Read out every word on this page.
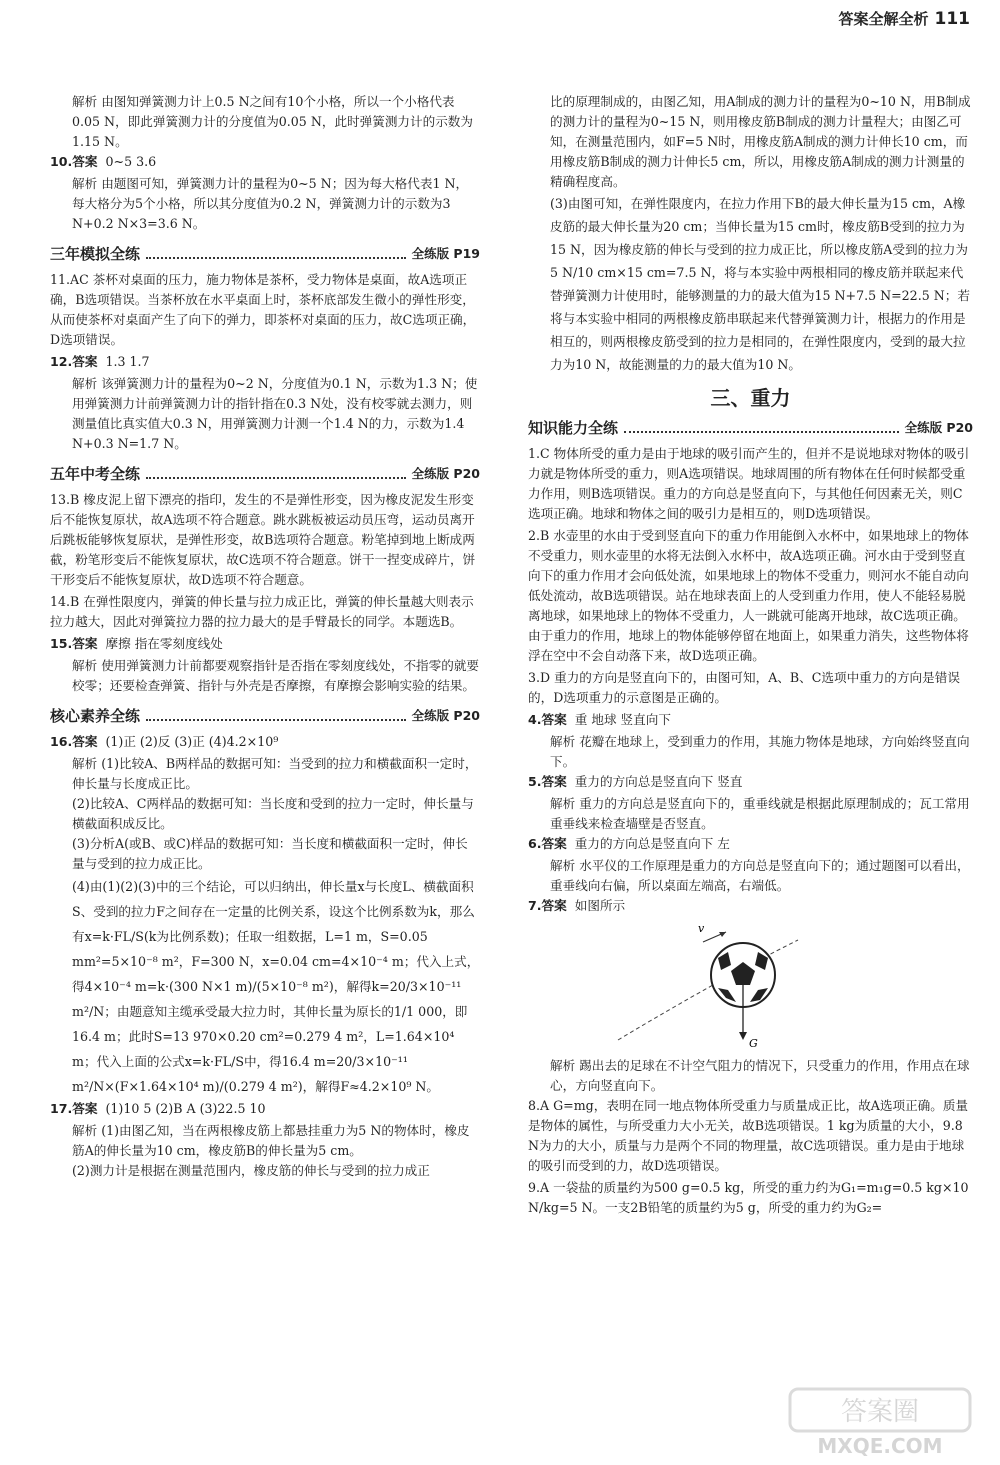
答案全解全析 111

解析 由图知弹簧测力计上0.5 N之间有10个小格，所以一个小格代表0.05 N，即此弹簧测力计的分度值为0.05 N，此时弹簧测力计的示数为1.15 N。

10.答案 0~5 3.6

解析 由题图可知，弹簧测力计的量程为0~5 N；因为每大格代表1 N，每大格分为5个小格，所以其分度值为0.2 N，弹簧测力计的示数为3 N+0.2 N×3=3.6 N。

三年模拟全练	全练版 P19

11.AC 茶杯对桌面的压力，施力物体是茶杯，受力物体是桌面，故A选项正确，B选项错误。当茶杯放在水平桌面上时，茶杯底部发生微小的弹性形变，从而使茶杯对桌面产生了向下的弹力，即茶杯对桌面的压力，故C选项正确，D选项错误。

12.答案 1.3 1.7

解析 该弹簧测力计的量程为0~2 N，分度值为0.1 N，示数为1.3 N；使用弹簧测力计前弹簧测力计的指针指在0.3 N处，没有校零就去测力，则测量值比真实值大0.3 N，用弹簧测力计测一个1.4 N的力，示数为1.4 N+0.3 N=1.7 N。

五年中考全练	全练版 P20

13.B 橡皮泥上留下漂亮的指印，发生的不是弹性形变，因为橡皮泥发生形变后不能恢复原状，故A选项不符合题意。跳水跳板被运动员压弯，运动员离开后跳板能够恢复原状，是弹性形变，故B选项符合题意。粉笔掉到地上断成两截，粉笔形变后不能恢复原状，故C选项不符合题意。饼干一捏变成碎片，饼干形变后不能恢复原状，故D选项不符合题意。

14.B 在弹性限度内，弹簧的伸长量与拉力成正比，弹簧的伸长量越大则表示拉力越大，因此对弹簧拉力器的拉力最大的是手臂最长的同学。本题选B。

15.答案 摩擦 指在零刻度线处

解析 使用弹簧测力计前都要观察指针是否指在零刻度线处，不指零的就要校零；还要检查弹簧、指针与外壳是否摩擦，有摩擦会影响实验的结果。

核心素养全练	全练版 P20

16.答案 (1)正 (2)反 (3)正 (4)4.2×10⁹

解析 (1)比较A、B两样品的数据可知：当受到的拉力和横截面积一定时，伸长量与长度成正比。

(2)比较A、C两样品的数据可知：当长度和受到的拉力一定时，伸长量与横截面积成反比。

(3)分析A(或B、或C)样品的数据可知：当长度和横截面积一定时，伸长量与受到的拉力成正比。

(4)由(1)(2)(3)中的三个结论，可以归纳出，伸长量x与长度L、横截面积S、受到的拉力F之间存在一定量的比例关系，设这个比例系数为k，那么有x=k·FL/S(k为比例系数)；任取一组数据，L=1 m，S=0.05 mm²=5×10⁻⁸ m²，F=300 N，x=0.04 cm=4×10⁻⁴ m；代入上式，得4×10⁻⁴ m=k·(300 N×1 m)/(5×10⁻⁸ m²)，解得k=20/3×10⁻¹¹ m²/N；由题意知主缆承受最大拉力时，其伸长量为原长的1/1 000，即16.4 m；此时S=13 970×0.20 cm²=0.279 4 m²，L=1.64×10⁴ m；代入上面的公式x=k·FL/S中，得16.4 m=20/3×10⁻¹¹ m²/N×(F×1.64×10⁴ m)/(0.279 4 m²)，解得F≈4.2×10⁹ N。

17.答案 (1)10 5 (2)B A (3)22.5 10

解析 (1)由图乙知，当在两根橡皮筋上都悬挂重力为5 N的物体时，橡皮筋A的伸长量为10 cm，橡皮筋B的伸长量为5 cm。

(2)测力计是根据在测量范围内，橡皮筋的伸长与受到的拉力成正

比的原理制成的，由图乙知，用A制成的测力计的量程为0~10 N，用B制成的测力计的量程为0~15 N，则用橡皮筋B制成的测力计量程大；由图乙可知，在测量范围内，如F=5 N时，用橡皮筋A制成的测力计伸长10 cm，而用橡皮筋B制成的测力计伸长5 cm，所以，用橡皮筋A制成的测力计测量的精确程度高。

(3)由图可知，在弹性限度内，在拉力作用下B的最大伸长量为15 cm，A橡皮筋的最大伸长量为20 cm；当伸长量为15 cm时，橡皮筋B受到的拉力为15 N，因为橡皮筋的伸长与受到的拉力成正比，所以橡皮筋A受到的拉力为5 N/10 cm×15 cm=7.5 N，将与本实验中两根相同的橡皮筋并联起来代替弹簧测力计使用时，能够测量的力的最大值为15 N+7.5 N=22.5 N；若将与本实验中相同的两根橡皮筋串联起来代替弹簧测力计，根据力的作用是相互的，则两根橡皮筋受到的拉力是相同的，在弹性限度内，受到的最大拉力为10 N，故能测量的力的最大值为10 N。

三、重力
知识能力全练	全练版 P20

1.C 物体所受的重力是由于地球的吸引而产生的，但并不是说地球对物体的吸引力就是物体所受的重力，则A选项错误。地球周围的所有物体在任何时候都受重力作用，则B选项错误。重力的方向总是竖直向下，与其他任何因素无关，则C选项正确。地球和物体之间的吸引力是相互的，则D选项错误。

2.B 水壶里的水由于受到竖直向下的重力作用能倒入水杯中，如果地球上的物体不受重力，则水壶里的水将无法倒入水杯中，故A选项正确。河水由于受到竖直向下的重力作用才会向低处流，如果地球上的物体不受重力，则河水不能自动向低处流动，故B选项错误。站在地球表面上的人受到重力作用，使人不能轻易脱离地球，如果地球上的物体不受重力，人一跳就可能离开地球，故C选项正确。由于重力的作用，地球上的物体能够停留在地面上，如果重力消失，这些物体将浮在空中不会自动落下来，故D选项正确。

3.D 重力的方向是竖直向下的，由图可知，A、B、C选项中重力的方向是错误的，D选项重力的示意图是正确的。

4.答案 重 地球 竖直向下

解析 花瓣在地球上，受到重力的作用，其施力物体是地球，方向始终竖直向下。

5.答案 重力的方向总是竖直向下 竖直

解析 重力的方向总是竖直向下的，重垂线就是根据此原理制成的；瓦工常用重垂线来检查墙壁是否竖直。

6.答案 重力的方向总是竖直向下 左

解析 水平仪的工作原理是重力的方向总是竖直向下的；通过题图可以看出，重垂线向右偏，所以桌面左端高，右端低。

7.答案 如图所示

v
G

解析 踢出去的足球在不计空气阻力的情况下，只受重力的作用，作用点在球心，方向竖直向下。

8.A G=mg，表明在同一地点物体所受重力与质量成正比，故A选项正确。质量是物体的属性，与所受重力大小无关，故B选项错误。1 kg为质量的大小，9.8 N为力的大小，质量与力是两个不同的物理量，故C选项错误。重力是由于地球的吸引而受到的力，故D选项错误。

9.A 一袋盐的质量约为500 g=0.5 kg，所受的重力约为G₁=m₁g=0.5 kg×10 N/kg=5 N。一支2B铅笔的质量约为5 g，所受的重力约为G₂=

答案圈
MXQE.COM
